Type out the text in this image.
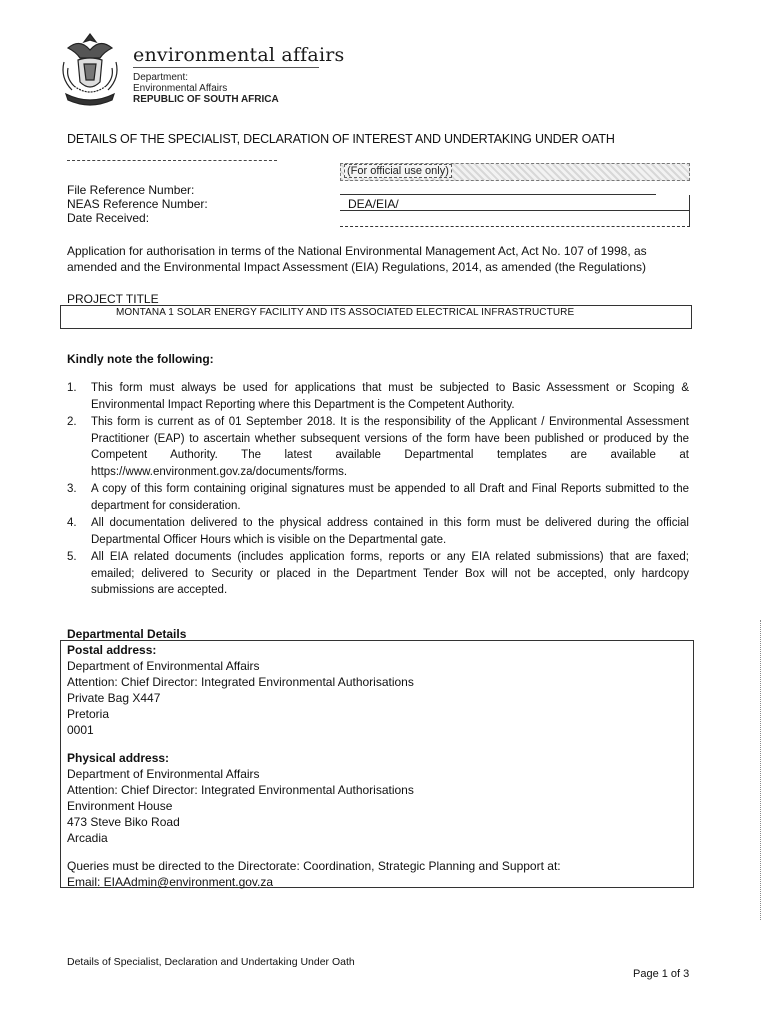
environmental affairs
Department:
Environmental Affairs
REPUBLIC OF SOUTH AFRICA
DETAILS OF THE SPECIALIST, DECLARATION OF INTEREST AND UNDERTAKING UNDER OATH
(For official use only)
File Reference Number:
NEAS Reference Number:
Date Received:
DEA/EIA/
Application for authorisation in terms of the National Environmental Management Act, Act No. 107 of 1998, as amended and the Environmental Impact Assessment (EIA) Regulations, 2014, as amended (the Regulations)
PROJECT TITLE
MONTANA 1 SOLAR ENERGY FACILITY AND ITS ASSOCIATED ELECTRICAL INFRASTRUCTURE
Kindly note the following:
1. This form must always be used for applications that must be subjected to Basic Assessment or Scoping & Environmental Impact Reporting where this Department is the Competent Authority.
2. This form is current as of 01 September 2018. It is the responsibility of the Applicant / Environmental Assessment Practitioner (EAP) to ascertain whether subsequent versions of the form have been published or produced by the Competent Authority. The latest available Departmental templates are available at https://www.environment.gov.za/documents/forms.
3. A copy of this form containing original signatures must be appended to all Draft and Final Reports submitted to the department for consideration.
4. All documentation delivered to the physical address contained in this form must be delivered during the official Departmental Officer Hours which is visible on the Departmental gate.
5. All EIA related documents (includes application forms, reports or any EIA related submissions) that are faxed; emailed; delivered to Security or placed in the Department Tender Box will not be accepted, only hardcopy submissions are accepted.
Departmental Details
Postal address:
Department of Environmental Affairs
Attention: Chief Director: Integrated Environmental Authorisations
Private Bag X447
Pretoria
0001
Physical address:
Department of Environmental Affairs
Attention: Chief Director: Integrated Environmental Authorisations
Environment House
473 Steve Biko Road
Arcadia
Queries must be directed to the Directorate: Coordination, Strategic Planning and Support at:
Email: EIAAdmin@environment.gov.za
Details of Specialist, Declaration and Undertaking Under Oath
Page 1 of 3
